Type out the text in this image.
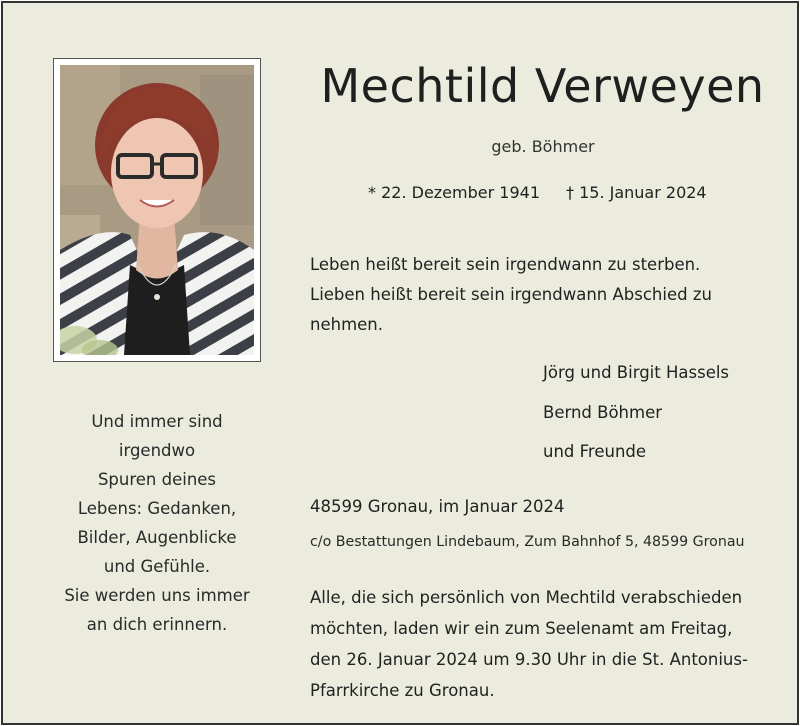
Und immer sind
irgendwo
Spuren deines
Lebens: Gedanken,
Bilder, Augenblicke
und Gefühle.
Sie werden uns immer
an dich erinnern.
Mechtild Verweyen
geb. Böhmer
* 22. Dezember 1941 † 15. Januar 2024
Leben heißt bereit sein irgendwann zu sterben.
Lieben heißt bereit sein irgendwann Abschied zu
nehmen.
Jörg und Birgit Hassels
Bernd Böhmer
und Freunde
48599 Gronau, im Januar 2024
c/o Bestattungen Lindebaum, Zum Bahnhof 5, 48599 Gronau
Alle, die sich persönlich von Mechtild verabschieden
möchten, laden wir ein zum Seelenamt am Freitag,
den 26. Januar 2024 um 9.30 Uhr in die St. Antonius-
Pfarrkirche zu Gronau.
